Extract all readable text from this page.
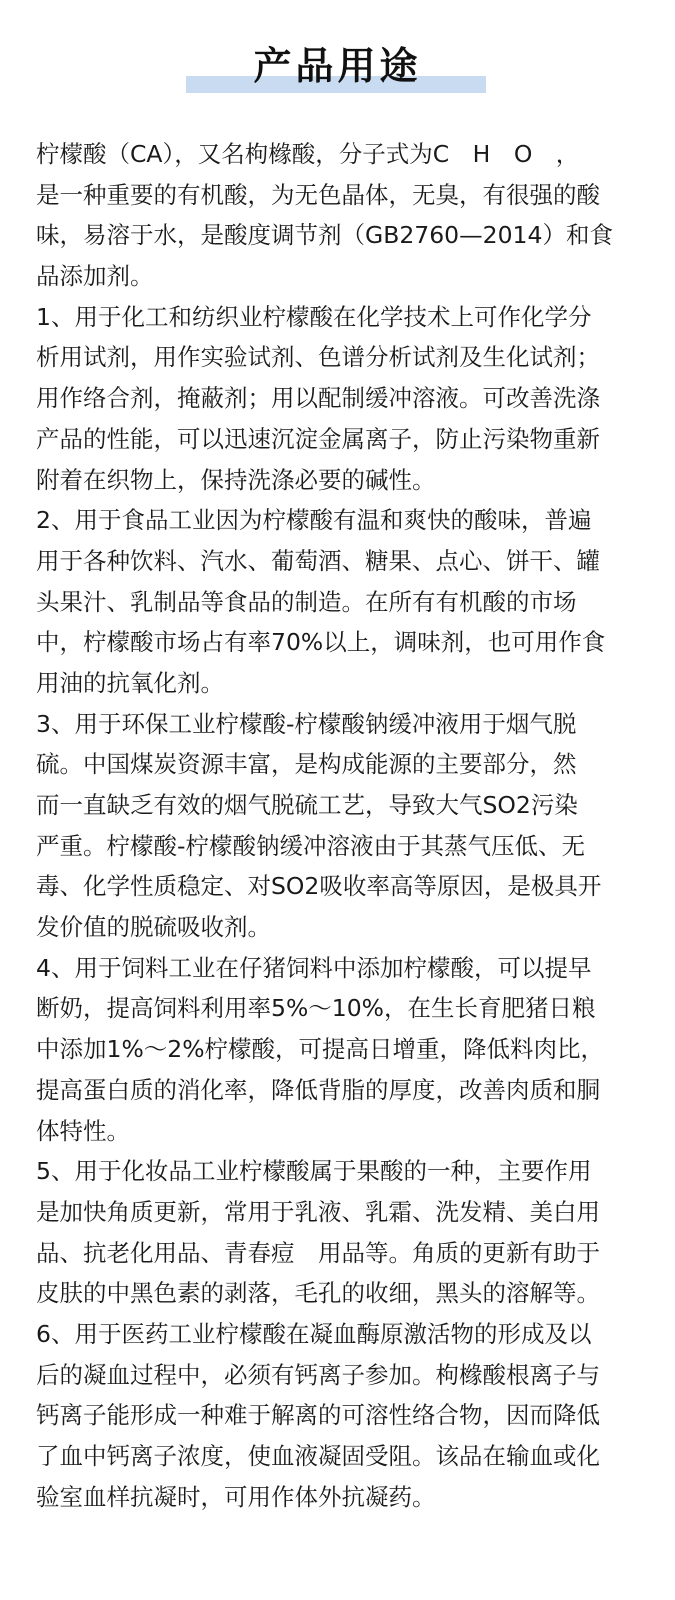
产品用途
柠檬酸（CA），又名枸橼酸，分子式为C　H　O　，
是一种重要的有机酸，为无色晶体，无臭，有很强的酸
味，易溶于水，是酸度调节剂（GB2760—2014）和食
品添加剂。
1、用于化工和纺织业柠檬酸在化学技术上可作化学分
析用试剂，用作实验试剂、色谱分析试剂及生化试剂；
用作络合剂，掩蔽剂；用以配制缓冲溶液。可改善洗涤
产品的性能，可以迅速沉淀金属离子，防止污染物重新
附着在织物上，保持洗涤必要的碱性。
2、用于食品工业因为柠檬酸有温和爽快的酸味，普遍
用于各种饮料、汽水、葡萄酒、糖果、点心、饼干、罐
头果汁、乳制品等食品的制造。在所有有机酸的市场
中，柠檬酸市场占有率70%以上，调味剂，也可用作食
用油的抗氧化剂。
3、用于环保工业柠檬酸-柠檬酸钠缓冲液用于烟气脱
硫。中国煤炭资源丰富，是构成能源的主要部分，然
而一直缺乏有效的烟气脱硫工艺，导致大气SO2污染
严重。柠檬酸-柠檬酸钠缓冲溶液由于其蒸气压低、无
毒、化学性质稳定、对SO2吸收率高等原因，是极具开
发价值的脱硫吸收剂。
4、用于饲料工业在仔猪饲料中添加柠檬酸，可以提早
断奶，提高饲料利用率5%～10%，在生长育肥猪日粮
中添加1%～2%柠檬酸，可提高日增重，降低料肉比，
提高蛋白质的消化率，降低背脂的厚度，改善肉质和胴
体特性。
5、用于化妆品工业柠檬酸属于果酸的一种，主要作用
是加快角质更新，常用于乳液、乳霜、洗发精、美白用
品、抗老化用品、青春痘　用品等。角质的更新有助于
皮肤的中黑色素的剥落，毛孔的收细，黑头的溶解等。
6、用于医药工业柠檬酸在凝血酶原激活物的形成及以
后的凝血过程中，必须有钙离子参加。枸橼酸根离子与
钙离子能形成一种难于解离的可溶性络合物，因而降低
了血中钙离子浓度，使血液凝固受阻。该品在输血或化
验室血样抗凝时，可用作体外抗凝药。
